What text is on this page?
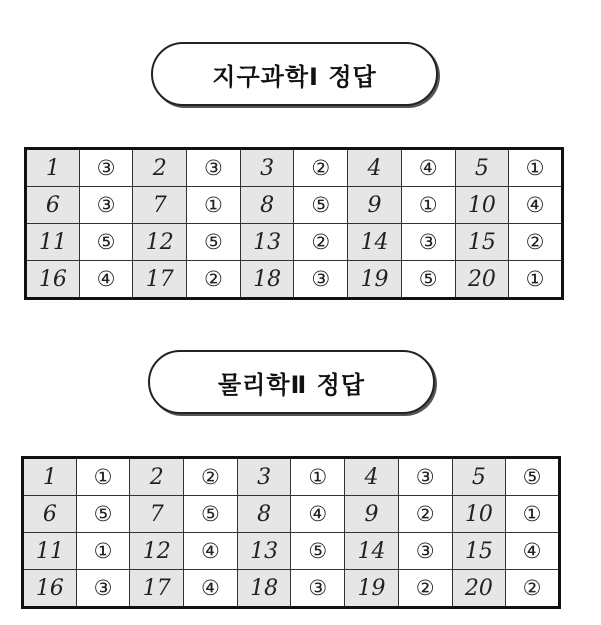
지구과학Ⅰ 정답
1	③	2	③	3	②	4	④	5	①
6	③	7	①	8	⑤	9	①	10	④
11	⑤	12	⑤	13	②	14	③	15	②
16	④	17	②	18	③	19	⑤	20	①
물리학Ⅱ 정답
1	①	2	②	3	①	4	③	5	⑤
6	⑤	7	⑤	8	④	9	②	10	①
11	①	12	④	13	⑤	14	③	15	④
16	③	17	④	18	③	19	②	20	②
